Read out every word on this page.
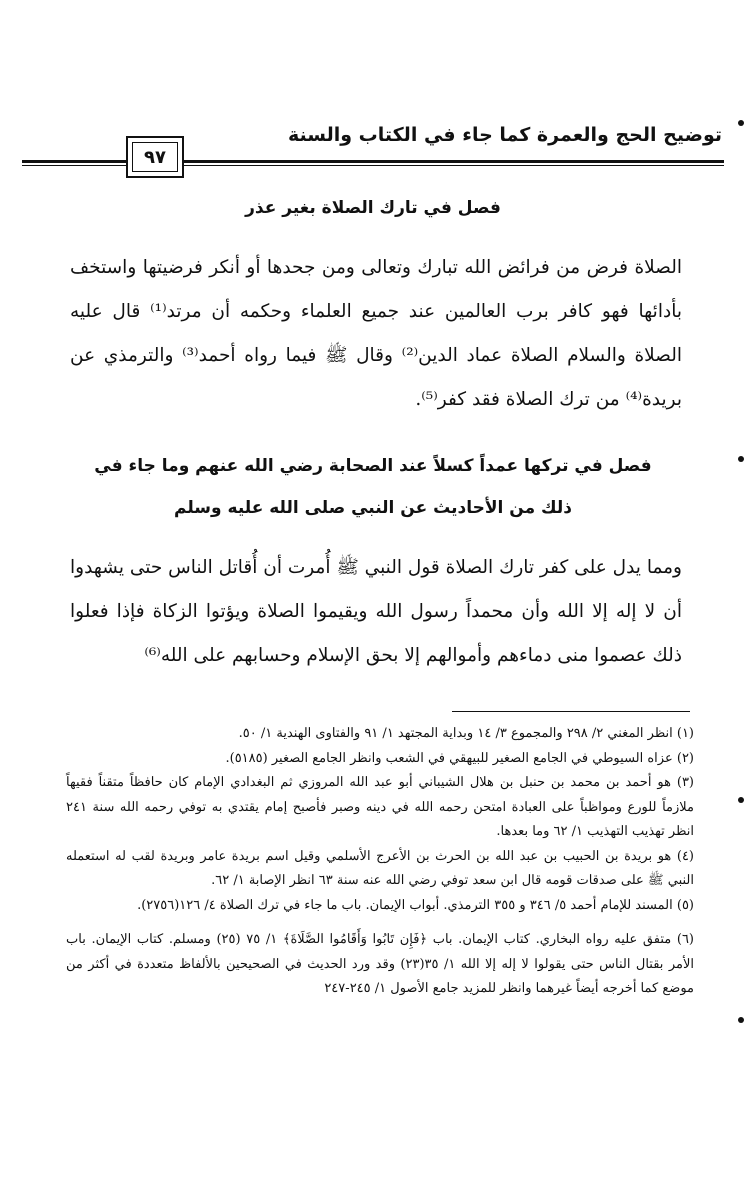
توضيح الحج والعمرة كما جاء في الكتاب والسنة
٩٧
فصل في تارك الصلاة بغير عذر
الصلاة فرض من فرائض الله تبارك وتعالى ومن جحدها أو أنكر فرضيتها واستخف بأدائها فهو كافر برب العالمين عند جميع العلماء وحكمه أن مرتد⁽¹⁾ قال عليه الصلاة والسلام الصلاة عماد الدين⁽²⁾ وقال ﷺ فيما رواه أحمد⁽³⁾ والترمذي عن بريدة⁽⁴⁾ من ترك الصلاة فقد كفر⁽⁵⁾.
فصل في تركها عمداً كسلاً عند الصحابة رضي الله عنهم وما جاء في
ذلك من الأحاديث عن النبي صلى الله عليه وسلم
ومما يدل على كفر تارك الصلاة قول النبي ﷺ أُمرت أن أُقاتل الناس حتى يشهدوا أن لا إله إلا الله وأن محمداً رسول الله ويقيموا الصلاة ويؤتوا الزكاة فإذا فعلوا ذلك عصموا منى دماءهم وأموالهم إلا بحق الإسلام وحسابهم على الله⁽⁶⁾

(١) انظر المغني ٢/ ٢٩٨ والمجموع ٣/ ١٤ وبداية المجتهد ١/ ٩١ والفتاوى الهندية ١/ ٥٠.

(٢) عزاه السيوطي في الجامع الصغير للبيهقي في الشعب وانظر الجامع الصغير (٥١٨٥).

(٣) هو أحمد بن محمد بن حنبل بن هلال الشيباني أبو عبد الله المروزي ثم البغدادي الإمام كان حافظاً متقناً فقيهاً ملازماً للورع ومواظباً على العبادة امتحن رحمه الله في دينه وصبر فأصبح إمام يقتدي به توفي رحمه الله سنة ٢٤١ انظر تهذيب التهذيب ١/ ٦٢ وما بعدها.

(٤) هو بريدة بن الحبيب بن عبد الله بن الحرث بن الأعرج الأسلمي وقيل اسم بريدة عامر وبريدة لقب له استعمله النبي ﷺ على صدقات قومه قال ابن سعد توفي رضي الله عنه سنة ٦٣ انظر الإصابة ١/ ٦٢.

(٥) المسند للإمام أحمد ٥/ ٣٤٦ و ٣٥٥ الترمذي. أبواب الإيمان. باب ما جاء في ترك الصلاة ٤/ ١٢٦(٢٧٥٦).

(٦) متفق عليه رواه البخاري. كتاب الإيمان. باب ﴿فَإِن تَابُوا وَأَقَامُوا الصَّلَاةَ﴾ ١/ ٧٥ (٢٥) ومسلم. كتاب الإيمان. باب الأمر بقتال الناس حتى يقولوا لا إله إلا الله ١/ ٣٥(٢٣) وقد ورد الحديث في الصحيحين بالألفاظ متعددة في أكثر من موضع كما أخرجه أيضاً غيرهما وانظر للمزيد جامع الأصول ١/ ٢٤٥-٢٤٧
